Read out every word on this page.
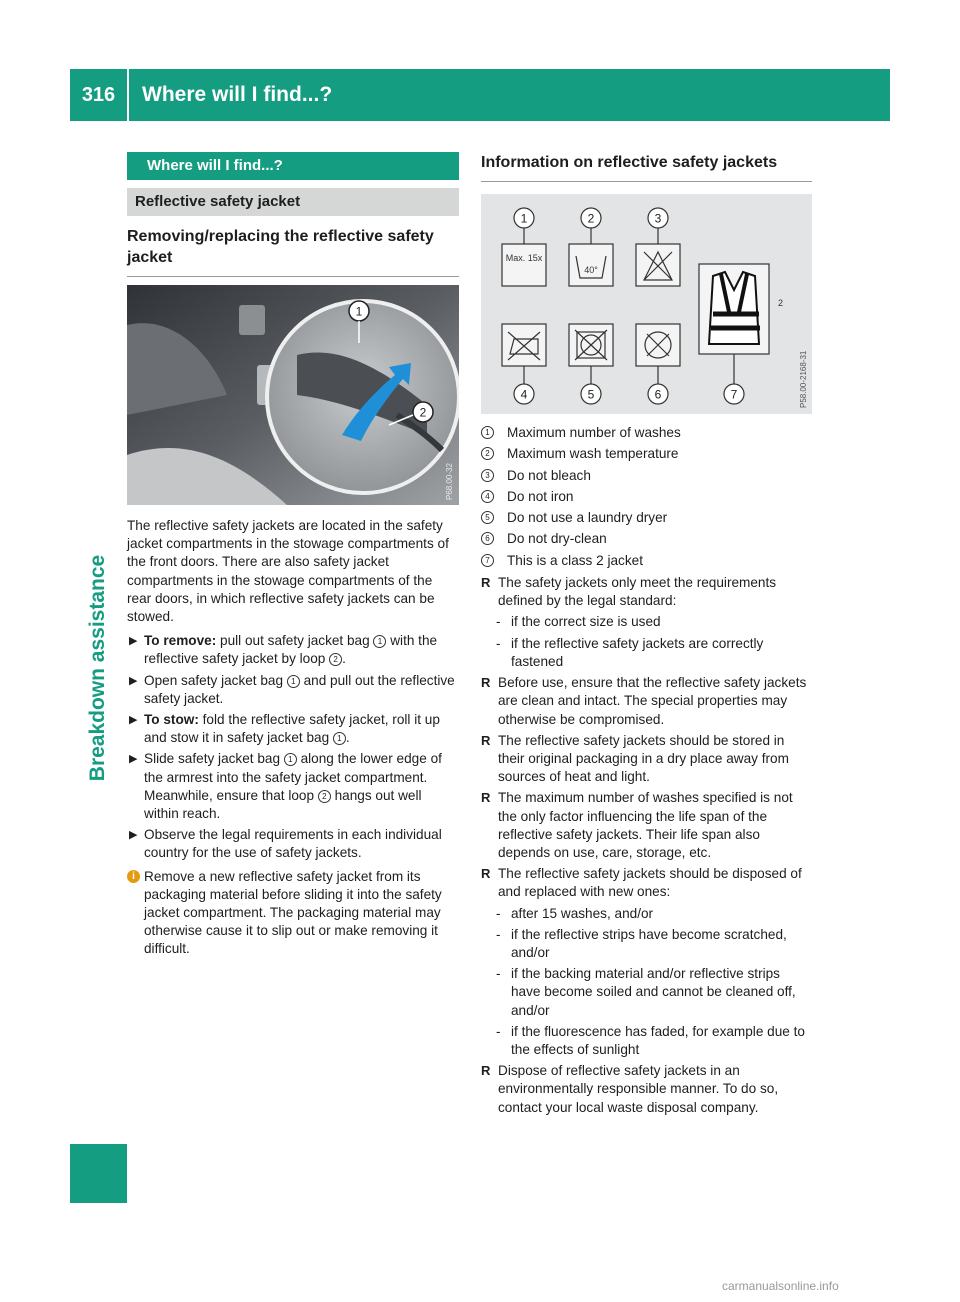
316	Where will I find...?
Breakdown assistance
Where will I find...?
Reflective safety jacket
Removing/replacing the reflective safety jacket
1
2
P68.00-32
The reflective safety jackets are located in the safety jacket compartments in the stowage compartments of the front doors. There are also safety jacket compartments in the stowage compartments of the rear doors, in which reflective safety jackets can be stowed.
▶ To remove: pull out safety jacket bag 1 with the reflective safety jacket by loop 2 .
▶ Open safety jacket bag 1 and pull out the reflective safety jacket.
▶ To stow: fold the reflective safety jacket, roll it up and stow it in safety jacket bag 1 .
▶ Slide safety jacket bag 1 along the lower edge of the armrest into the safety jacket compartment. Meanwhile, ensure that loop 2 hangs out well within reach.
▶ Observe the legal requirements in each individual country for the use of safety jackets.
i Remove a new reflective safety jacket from its packaging material before sliding it into the safety jacket compartment. The packaging material may otherwise cause it to slip out or make removing it difficult.
Information on reflective safety jackets
Max. 15x
40°
2
1	2	3
4	5	6	7	P58.00-2168-31
1	Maximum number of washes
2	Maximum wash temperature
3	Do not bleach
4	Do not iron
5	Do not use a laundry dryer
6	Do not dry-clean
7	This is a class 2 jacket
R The safety jackets only meet the requirements defined by the legal standard:
- if the correct size is used
- if the reflective safety jackets are correctly fastened
R Before use, ensure that the reflective safety jackets are clean and intact. The special properties may otherwise be compromised.
R The reflective safety jackets should be stored in their original packaging in a dry place away from sources of heat and light.
R The maximum number of washes specified is not the only factor influencing the life span of the reflective safety jackets. Their life span also depends on use, care, storage, etc.
R The reflective safety jackets should be disposed of and replaced with new ones:
- after 15 washes, and/or
- if the reflective strips have become scratched, and/or
- if the backing material and/or reflective strips have become soiled and cannot be cleaned off, and/or
- if the fluorescence has faded, for example due to the effects of sunlight
R Dispose of reflective safety jackets in an environmentally responsible manner. To do so, contact your local waste disposal company.
carmanualsonline.info
